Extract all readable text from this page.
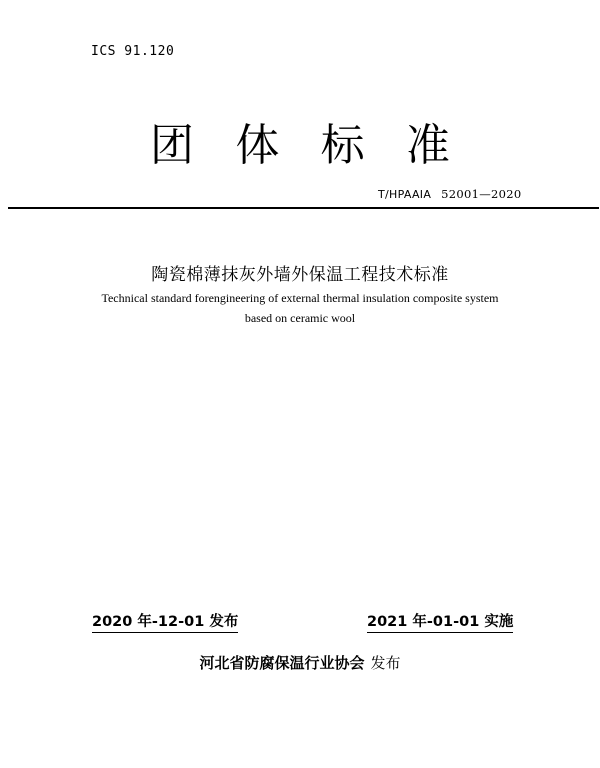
ICS 91.120
团 体 标 准
T/HPAAIA 52001—2020
陶瓷棉薄抹灰外墙外保温工程技术标准
Technical standard forengineering of external thermal insulation composite system
based on ceramic wool
2020 年-12-01 发布	2021 年-01-01 实施
河北省防腐保温行业协会 发布
